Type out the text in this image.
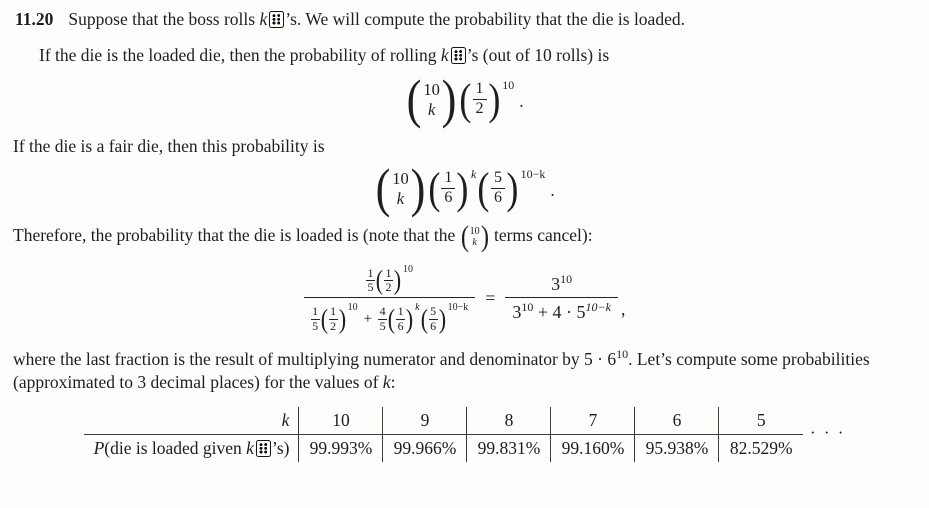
11.20 Suppose that the boss rolls k ’s. We will compute the probability that the die is loaded.

If the die is the loaded die, then the probability of rolling k ’s (out of 10 rolls) is

( 10
k ) ( $\frac{1}{2}$ ) 10
.

If the die is a fair die, then this probability is

( 10
k ) ( $\frac{1}{6}$ ) k ( $\frac{5}{6}$ ) 10−k
.

Therefore, the probability that the die is loaded is (note that the ( 10
k ) terms cancel):

$\frac{1}{5}$ ( $\frac{1}{2}$ ) 10
$\frac{1}{5}$ ( $\frac{1}{2}$ ) 10
+ $\frac{4}{5}$ ( $\frac{1}{6}$ ) k ( $\frac{5}{6}$ ) $10-k = \frac{3^{10}}{3^{10} + 4 \cdot 5^{10-k}}$ ,

where the last fraction is the result of multiplying numerator and denominator by $5 \cdot 6^{10}$. Let’s compute some probabilities (approximated to 3 decimal places) for the values of k:

k	10	9	8	7	6	5
P(die is loaded given k ’s)	99.993%	99.966%	99.831%	99.160%	95.938%	82.529%
· · ·
